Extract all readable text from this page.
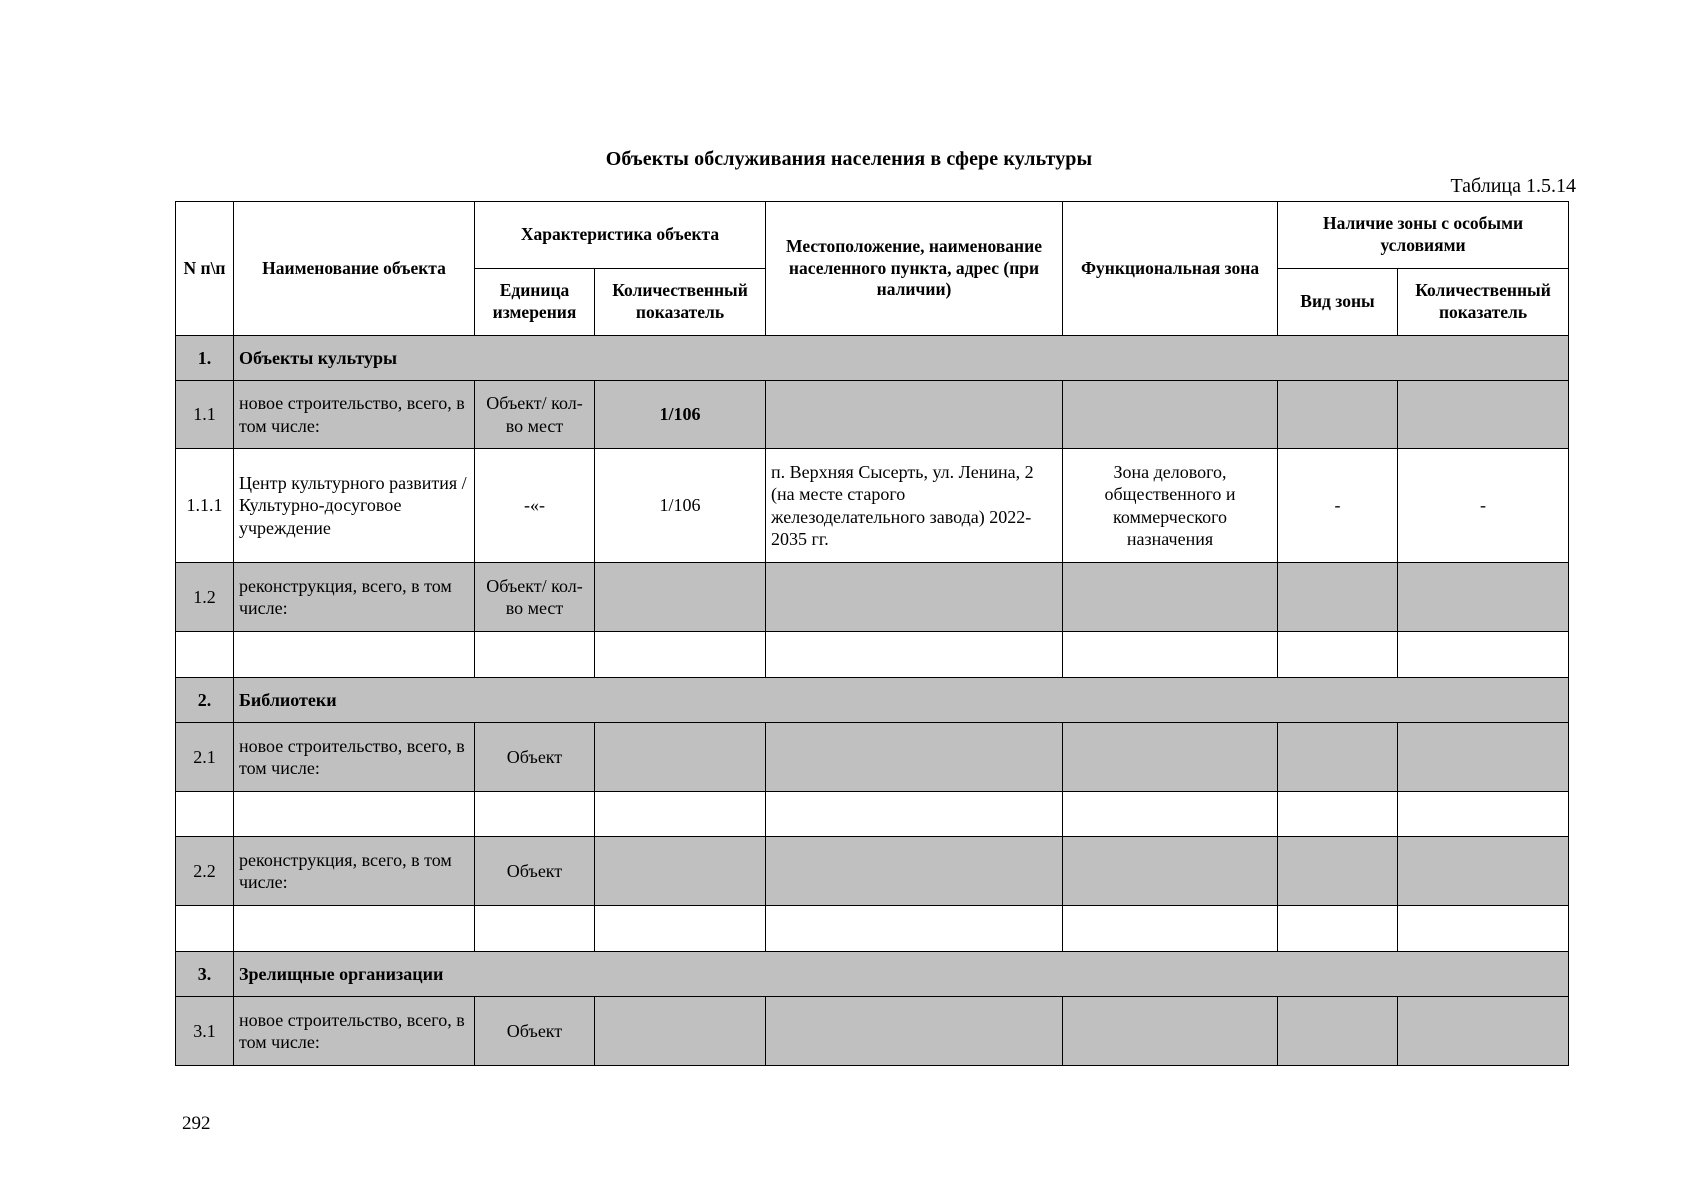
Объекты обслуживания населения в сфере культуры
Таблица 1.5.14
N п\п	Наименование объекта	Характеристика объекта		Местоположение, наименование населенного пункта, адрес (при наличии)	Функциональная зона	Наличие зоны с особыми условиями	
		Единица измерения	Количественный показатель			Вид зоны	Количественный показатель
1.	Объекты культуры						
1.1	новое строительство, всего, в том числе:	Объект/ кол-во мест	1/106				
1.1.1	Центр культурного развития /Культурно-досуговое учреждение	-«-	1/106	п. Верхняя Сысерть, ул. Ленина, 2 (на месте старого железоделательного завода) 2022-2035 гг.	Зона делового, общественного и коммерческого назначения	-	-
1.2	реконструкция, всего, в том числе:	Объект/ кол-во мест					

2.	Библиотеки						
2.1	новое строительство, всего, в том числе:	Объект					

2.2	реконструкция, всего, в том числе:	Объект					

3.	Зрелищные организации						
3.1	новое строительство, всего, в том числе:	Объект					
292
